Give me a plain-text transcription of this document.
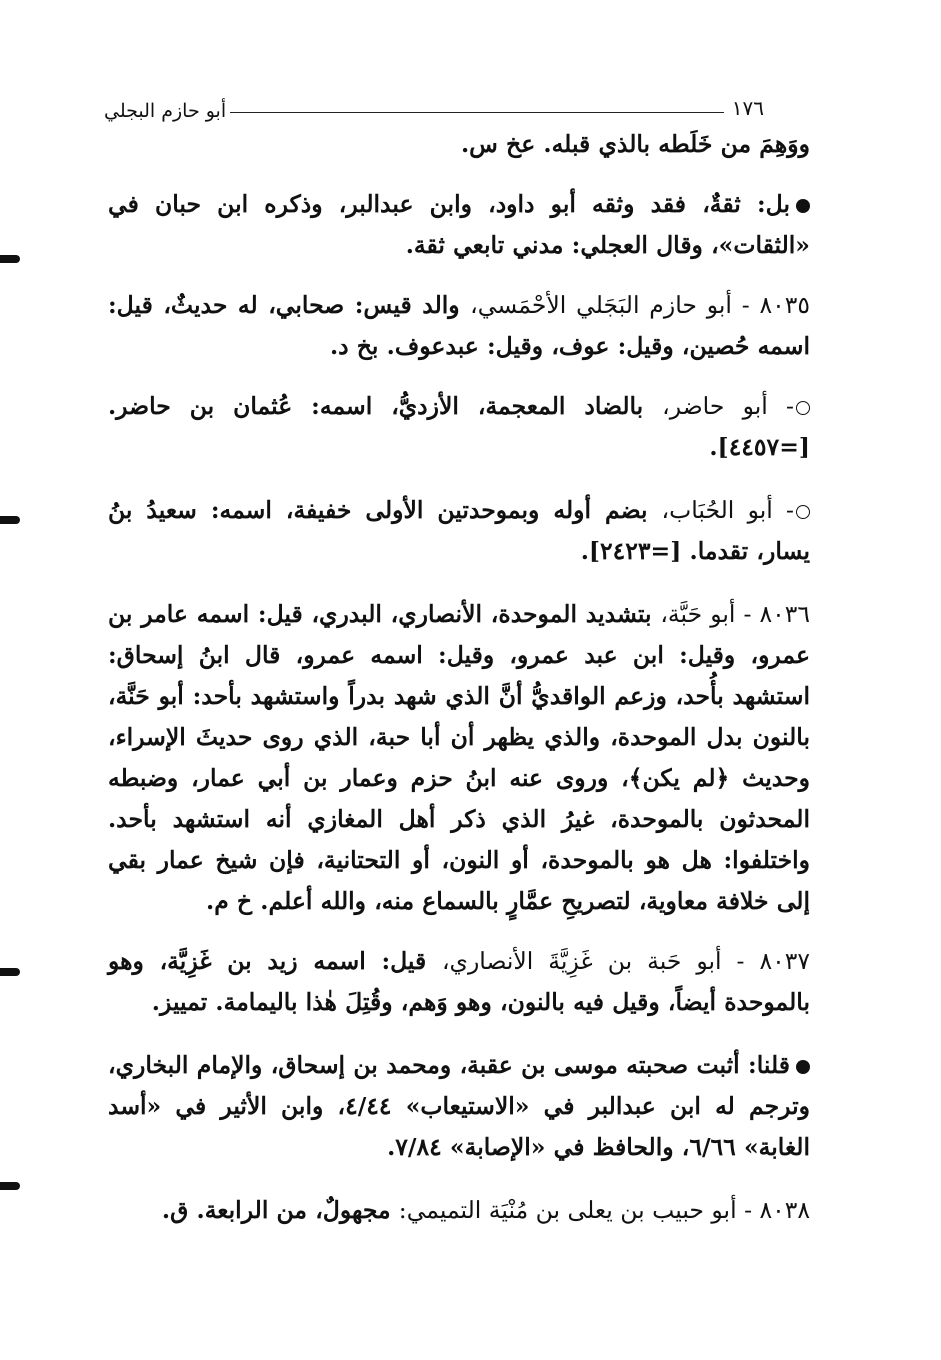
١٧٦
أبو حازم البجلي

ووَهِمَ من خَلَطه بالذي قبله. عخ س.

بل: ثقةٌ، فقد وثقه أبو داود، وابن عبدالبر، وذكره ابن حبان في «الثقات»، وقال العجلي: مدني تابعي ثقة.

٨٠٣٥ - أبو حازم البَجَلي الأحْمَسي، والد قيس: صحابي، له حديثٌ، قيل: اسمه حُصين، وقيل: عوف، وقيل: عبدعوف. بخ د.

- أبو حاضر، بالضاد المعجمة، الأزديُّ، اسمه: عُثمان بن حاضر. [=٤٤٥٧].

- أبو الحُبَاب، بضم أوله وبموحدتين الأولى خفيفة، اسمه: سعيدُ بنُ يسار، تقدما. [=٢٤٢٣].

٨٠٣٦ - أبو حَبَّة، بتشديد الموحدة، الأنصاري، البدري، قيل: اسمه عامر بن عمرو، وقيل: ابن عبد عمرو، وقيل: اسمه عمرو، قال ابنُ إسحاق: استشهد بأُحد، وزعم الواقديُّ أنَّ الذي شهد بدراً واستشهد بأحد: أبو حَنَّة، بالنون بدل الموحدة، والذي يظهر أن أبا حبة، الذي روى حديثَ الإسراء، وحديث ﴿لم يكن﴾، وروى عنه ابنُ حزم وعمار بن أبي عمار، وضبطه المحدثون بالموحدة، غيرُ الذي ذكر أهل المغازي أنه استشهد بأحد. واختلفوا: هل هو بالموحدة، أو النون، أو التحتانية، فإن شيخ عمار بقي إلى خلافة معاوية، لتصريحِ عمَّارٍ بالسماع منه، والله أعلم. خ م.

٨٠٣٧ - أبو حَبة بن غَزِيَّةَ الأنصاري، قيل: اسمه زيد بن غَزِيَّة، وهو بالموحدة أيضاً، وقيل فيه بالنون، وهو وَهم، وقُتِلَ هٰذا باليمامة. تمييز.

قلنا: أثبت صحبته موسى بن عقبة، ومحمد بن إسحاق، والإمام البخاري، وترجم له ابن عبدالبر في «الاستيعاب» ٤/٤٤، وابن الأثير في «أسد الغابة» ٦/٦٦، والحافظ في «الإصابة» ٧/٨٤.

٨٠٣٨ - أبو حبيب بن يعلى بن مُنْيَة التميمي: مجهولٌ، من الرابعة. ق.
